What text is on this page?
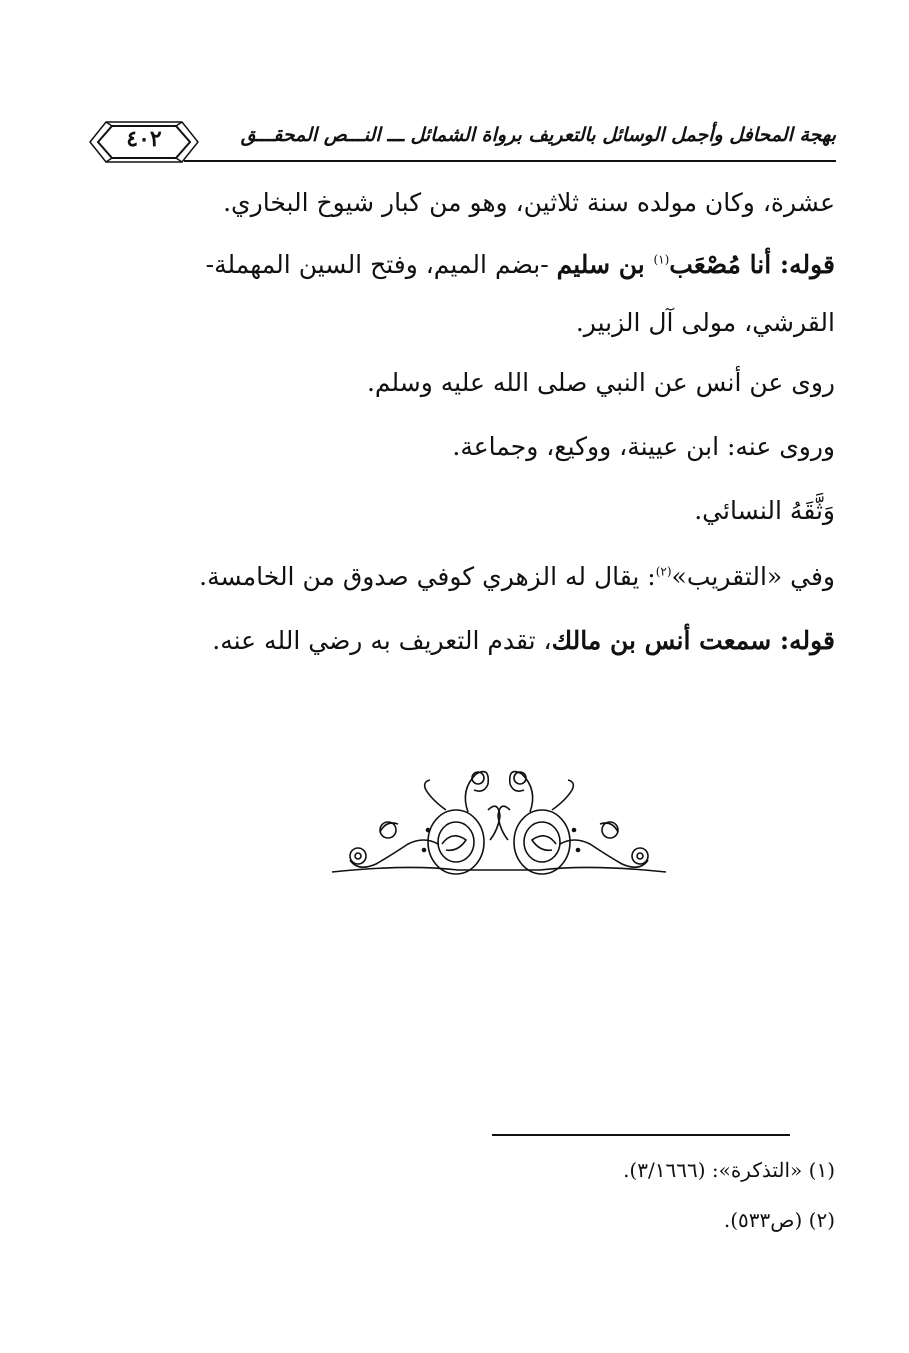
بهجة المحافل وأجمل الوسائل بالتعريف برواة الشمائل ـــ النـــص المحقـــق
٤٠٢
عشرة، وكان مولده سنة ثلاثين، وهو من كبار شيوخ البخاري.
قوله: أنا مُصْعَب$^{(١)}$ بن سليم -بضم الميم، وفتح السين المهملة-
القرشي، مولى آل الزبير.
روى عن أنس عن النبي صلى الله عليه وسلم.
وروى عنه: ابن عيينة، ووكيع، وجماعة.
وَثَّقَهُ النسائي.
وفي «التقريب»$^{(٢)}$: يقال له الزهري كوفي صدوق من الخامسة.
قوله: سمعت أنس بن مالك، تقدم التعريف به رضي الله عنه.
(١) «التذكرة»: (٣/١٦٦٦).
(٢) (ص٥٣٣).
